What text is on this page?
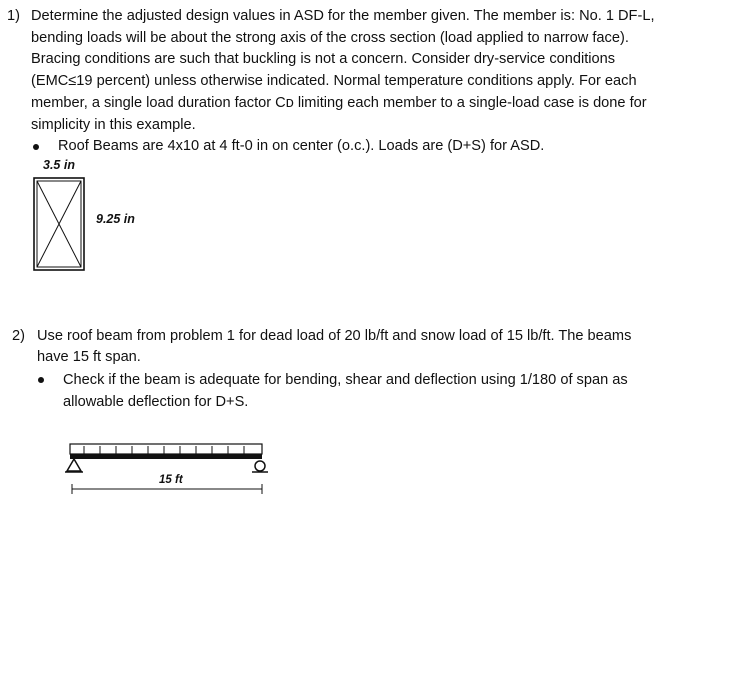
1) Determine the adjusted design values in ASD for the member given. The member is: No. 1 DF-L,
bending loads will be about the strong axis of the cross section (load applied to narrow face).
Bracing conditions are such that buckling is not a concern. Consider dry-service conditions
(EMC≤19 percent) unless otherwise indicated. Normal temperature conditions apply. For each
member, a single load duration factor Cᴅ limiting each member to a single-load case is done for
simplicity in this example.
Roof Beams are 4x10 at 4 ft-0 in on center (o.c.). Loads are (D+S) for ASD.
3.5 in
9.25 in
2) Use roof beam from problem 1 for dead load of 20 lb/ft and snow load of 15 lb/ft. The beams
have 15 ft span.
Check if the beam is adequate for bending, shear and deflection using 1/180 of span as
allowable deflection for D+S.
15 ft
